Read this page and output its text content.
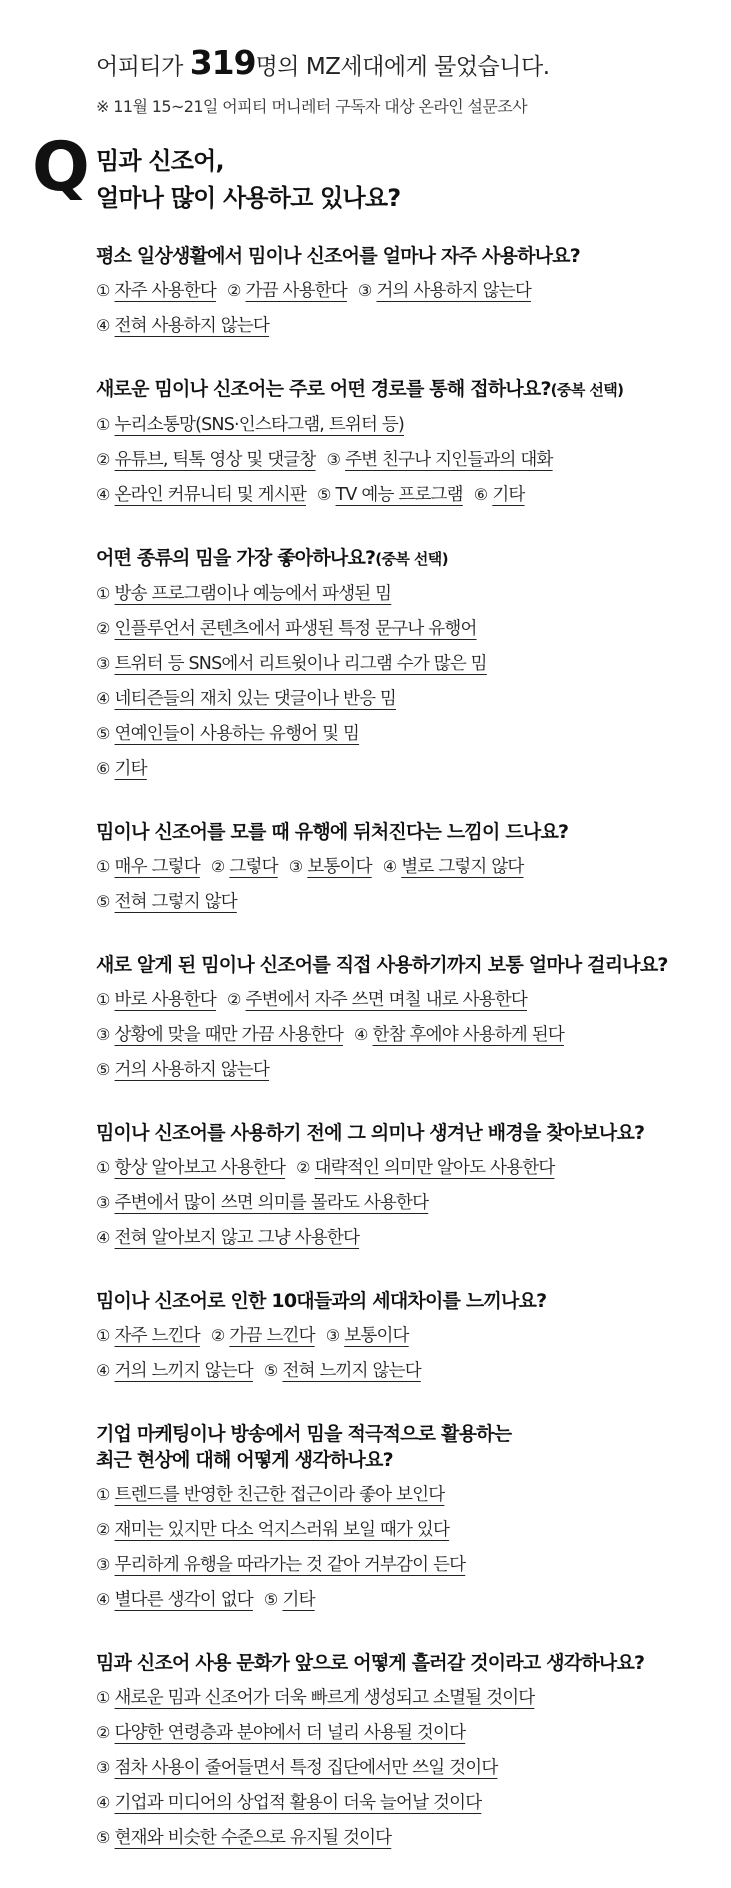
어피티가 319명의 MZ세대에게 물었습니다.
※ 11월 15~21일 어피티 머니레터 구독자 대상 온라인 설문조사
Q 밈과 신조어,
얼마나 많이 사용하고 있나요?
평소 일상생활에서 밈이나 신조어를 얼마나 자주 사용하나요?
① 자주 사용한다 ② 가끔 사용한다 ③ 거의 사용하지 않는다
④ 전혀 사용하지 않는다
새로운 밈이나 신조어는 주로 어떤 경로를 통해 접하나요?(중복 선택)
① 누리소통망(SNS·인스타그램, 트위터 등)
② 유튜브, 틱톡 영상 및 댓글창 ③ 주변 친구나 지인들과의 대화
④ 온라인 커뮤니티 및 게시판 ⑤ TV 예능 프로그램 ⑥ 기타
어떤 종류의 밈을 가장 좋아하나요?(중복 선택)
① 방송 프로그램이나 예능에서 파생된 밈
② 인플루언서 콘텐츠에서 파생된 특정 문구나 유행어
③ 트위터 등 SNS에서 리트윗이나 리그램 수가 많은 밈
④ 네티즌들의 재치 있는 댓글이나 반응 밈
⑤ 연예인들이 사용하는 유행어 및 밈
⑥ 기타
밈이나 신조어를 모를 때 유행에 뒤처진다는 느낌이 드나요?
① 매우 그렇다 ② 그렇다 ③ 보통이다 ④ 별로 그렇지 않다
⑤ 전혀 그렇지 않다
새로 알게 된 밈이나 신조어를 직접 사용하기까지 보통 얼마나 걸리나요?
① 바로 사용한다 ② 주변에서 자주 쓰면 며칠 내로 사용한다
③ 상황에 맞을 때만 가끔 사용한다 ④ 한참 후에야 사용하게 된다
⑤ 거의 사용하지 않는다
밈이나 신조어를 사용하기 전에 그 의미나 생겨난 배경을 찾아보나요?
① 항상 알아보고 사용한다 ② 대략적인 의미만 알아도 사용한다
③ 주변에서 많이 쓰면 의미를 몰라도 사용한다
④ 전혀 알아보지 않고 그냥 사용한다
밈이나 신조어로 인한 10대들과의 세대차이를 느끼나요?
① 자주 느낀다 ② 가끔 느낀다 ③ 보통이다
④ 거의 느끼지 않는다 ⑤ 전혀 느끼지 않는다
기업 마케팅이나 방송에서 밈을 적극적으로 활용하는
최근 현상에 대해 어떻게 생각하나요?
① 트렌드를 반영한 친근한 접근이라 좋아 보인다
② 재미는 있지만 다소 억지스러워 보일 때가 있다
③ 무리하게 유행을 따라가는 것 같아 거부감이 든다
④ 별다른 생각이 없다 ⑤ 기타
밈과 신조어 사용 문화가 앞으로 어떻게 흘러갈 것이라고 생각하나요?
① 새로운 밈과 신조어가 더욱 빠르게 생성되고 소멸될 것이다
② 다양한 연령층과 분야에서 더 널리 사용될 것이다
③ 점차 사용이 줄어들면서 특정 집단에서만 쓰일 것이다
④ 기업과 미디어의 상업적 활용이 더욱 늘어날 것이다
⑤ 현재와 비슷한 수준으로 유지될 것이다
